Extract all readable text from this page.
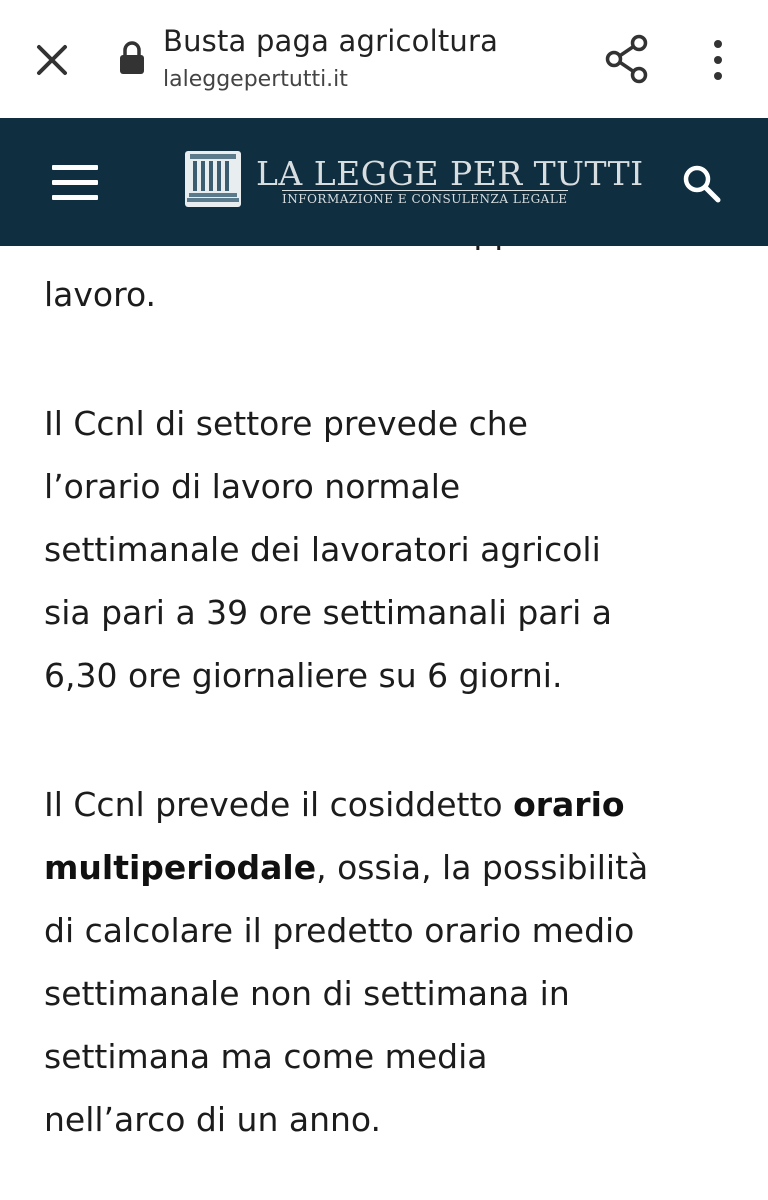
Busta paga agricoltura
laleggepertutti.it
LA LEGGE PER TUTTI
INFORMAZIONE E CONSULENZA LEGALE

lavoro.

Il Ccnl di settore prevede che

l’orario di lavoro normale

settimanale dei lavoratori agricoli

sia pari a 39 ore settimanali pari a

6,30 ore giornaliere su 6 giorni.

Il Ccnl prevede il cosiddetto orario

multiperiodale, ossia, la possibilità

di calcolare il predetto orario medio

settimanale non di settimana in

settimana ma come media

nell’arco di un anno.
